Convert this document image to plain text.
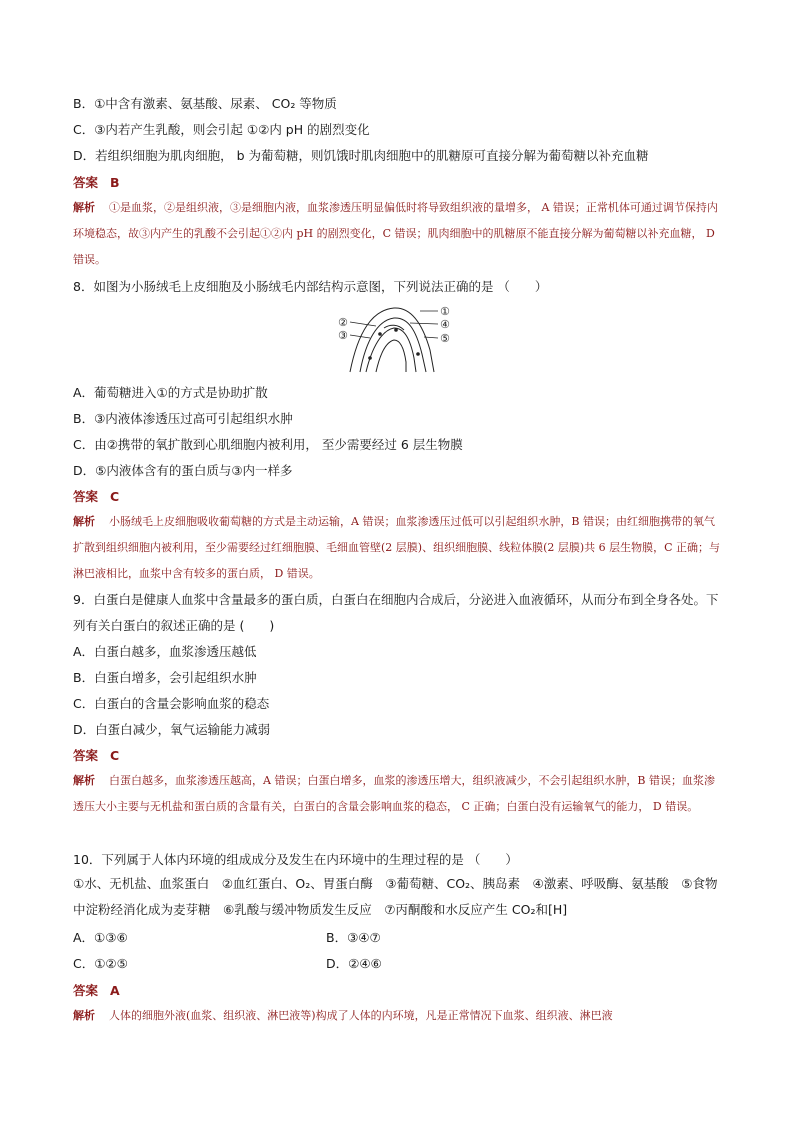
B．①中含有激素、氨基酸、尿素、 CO₂ 等物质
C．③内若产生乳酸，则会引起 ①②内 pH 的剧烈变化
D．若组织细胞为肌肉细胞， b 为葡萄糖，则饥饿时肌肉细胞中的肌糖原可直接分解为葡萄糖以补充血糖
答案 B
解析 ①是血浆，②是组织液，③是细胞内液，血浆渗透压明显偏低时将导致组织液的量增多， A 错误；正常机体可通过调节保持内环境稳态，故③内产生的乳酸不会引起①②内 pH 的剧烈变化，C 错误；肌肉细胞中的肌糖原不能直接分解为葡萄糖以补充血糖， D 错误。
8．如图为小肠绒毛上皮细胞及小肠绒毛内部结构示意图，下列说法正确的是 （　　）
①
②
③
④
⑤
A．葡萄糖进入①的方式是协助扩散
B．③内液体渗透压过高可引起组织水肿
C．由②携带的氧扩散到心肌细胞内被利用， 至少需要经过 6 层生物膜
D．⑤内液体含有的蛋白质与③内一样多
答案 C
解析 小肠绒毛上皮细胞吸收葡萄糖的方式是主动运输，A 错误；血浆渗透压过低可以引起组织水肿，B 错误；由红细胞携带的氧气扩散到组织细胞内被利用，至少需要经过红细胞膜、毛细血管壁(2 层膜)、组织细胞膜、线粒体膜(2 层膜)共 6 层生物膜，C 正确；与淋巴液相比，血浆中含有较多的蛋白质， D 错误。
9．白蛋白是健康人血浆中含量最多的蛋白质，白蛋白在细胞内合成后，分泌进入血液循环，从而分布到全身各处。下列有关白蛋白的叙述正确的是 (　　)
A．白蛋白越多，血浆渗透压越低
B．白蛋白增多，会引起组织水肿
C．白蛋白的含量会影响血浆的稳态
D．白蛋白减少，氧气运输能力减弱
答案 C
解析 白蛋白越多，血浆渗透压越高，A 错误；白蛋白增多，血浆的渗透压增大，组织液减少，不会引起组织水肿，B 错误；血浆渗透压大小主要与无机盐和蛋白质的含量有关，白蛋白的含量会影响血浆的稳态， C 正确；白蛋白没有运输氧气的能力， D 错误。
10．下列属于人体内环境的组成成分及发生在内环境中的生理过程的是 （　　）
①水、无机盐、血浆蛋白　②血红蛋白、O₂、胃蛋白酶　③葡萄糖、CO₂、胰岛素　④激素、呼吸酶、氨基酸　⑤食物中淀粉经消化成为麦芽糖　⑥乳酸与缓冲物质发生反应　⑦丙酮酸和水反应产生 CO₂和[H]
A．①③⑥	B．③④⑦
C．①②⑤	D．②④⑥
答案 A
解析 人体的细胞外液(血浆、组织液、淋巴液等)构成了人体的内环境，凡是正常情况下血浆、组织液、淋巴液
